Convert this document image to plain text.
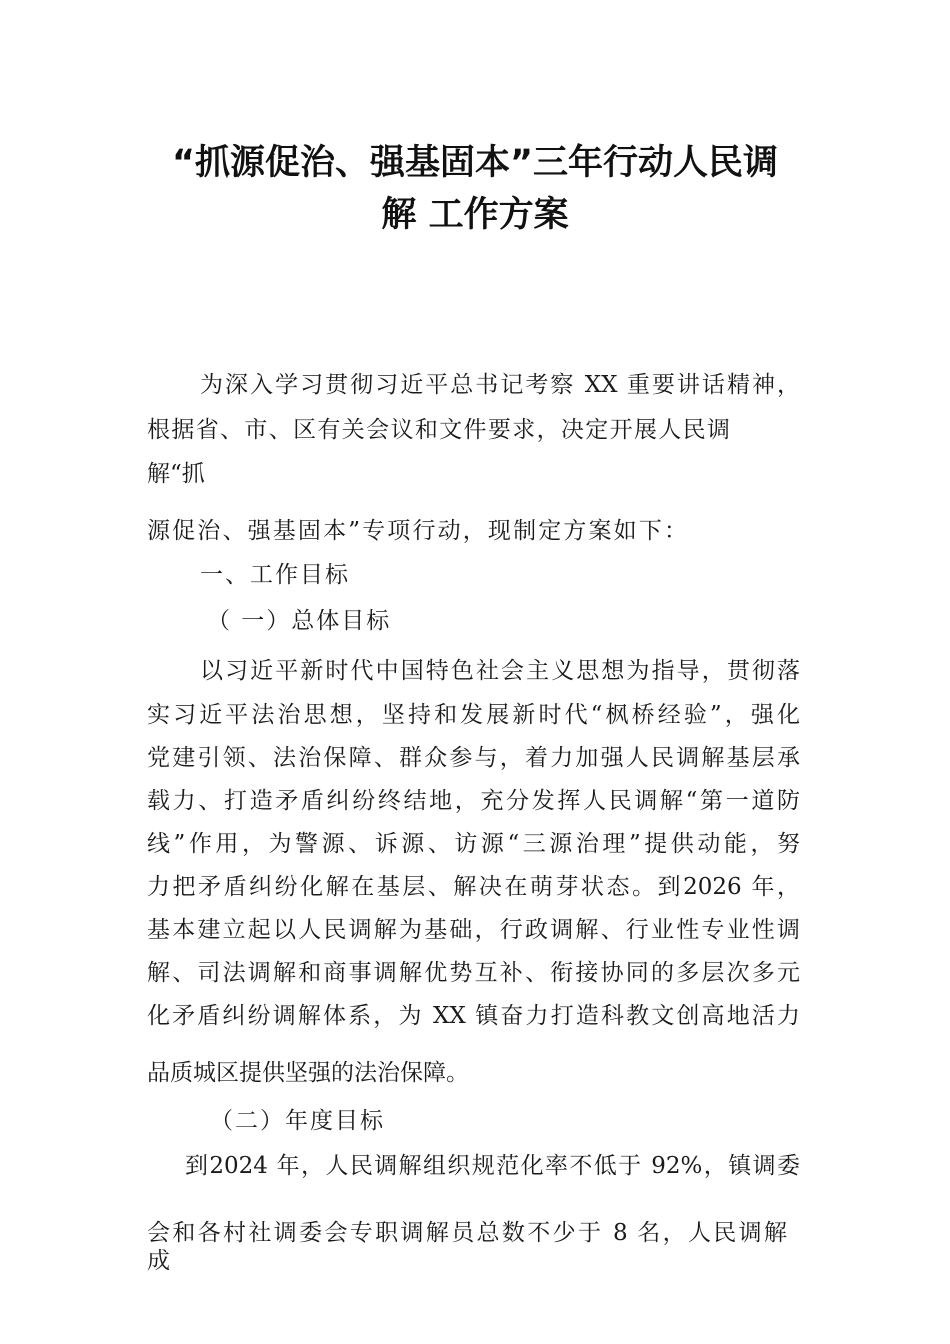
“抓源促治、强基固本”三年行动人民调
解 工作方案
为深入学习贯彻习近平总书记考察 XX 重要讲话精神，
根据省、市、区有关会议和文件要求，决定开展人民调
解“抓
源促治、强基固本”专项行动，现制定方案如下：
一、工作目标
（ 一）总体目标
以习近平新时代中国特色社会主义思想为指导，贯彻落
实习近平法治思想，坚持和发展新时代“枫桥经验”，强化
党建引领、法治保障、群众参与，着力加强人民调解基层承
载力、打造矛盾纠纷终结地，充分发挥人民调解“第一道防
线”作用，为警源、诉源、访源“三源治理”提供动能，努
力把矛盾纠纷化解在基层、解决在萌芽状态。到2026 年，
基本建立起以人民调解为基础，行政调解、行业性专业性调
解、司法调解和商事调解优势互补、衔接协同的多层次多元
化矛盾纠纷调解体系，为 XX 镇奋力打造科教文创高地活力
品质城区提供坚强的法治保障。
（二）年度目标
到2024 年，人民调解组织规范化率不低于 92%，镇调委
会和各村社调委会专职调解员总数不少于 8 名，人民调解
成
